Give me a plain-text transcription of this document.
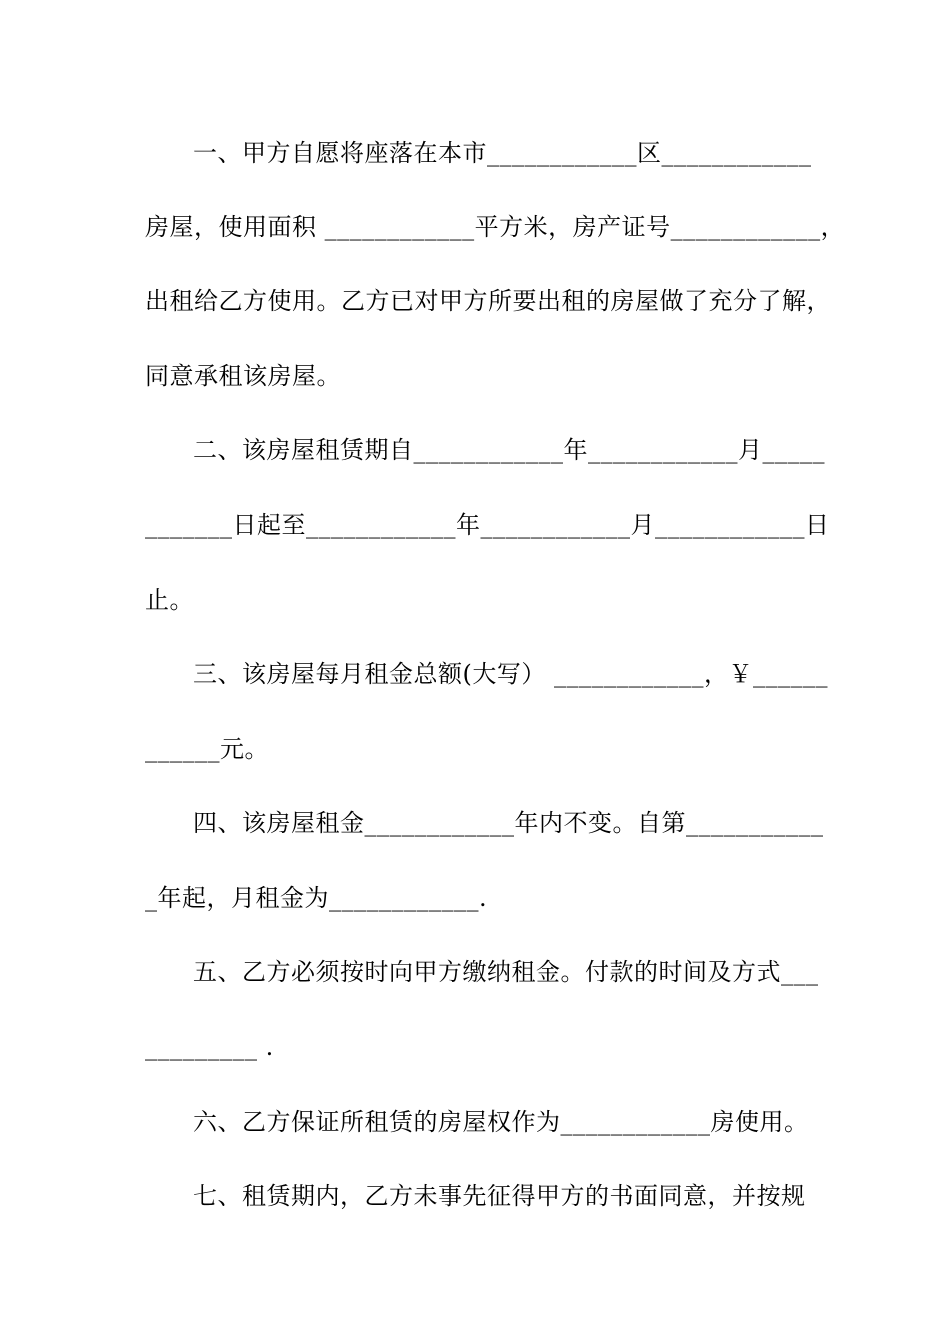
一、甲方自愿将座落在本市____________区____________
房屋，使用面积 ____________平方米，房产证号____________，
出租给乙方使用。乙方已对甲方所要出租的房屋做了充分了解，
同意承租该房屋。
二、该房屋租赁期自____________年____________月_____
_______日起至____________年____________月____________日
止。
三、该房屋每月租金总额(大写） ____________，￥______
______元。
四、该房屋租金____________年内不变。自第___________
_年起，月租金为____________.
五、乙方必须按时向甲方缴纳租金。付款的时间及方式___
_________ .
六、乙方保证所租赁的房屋权作为____________房使用。
七、租赁期内，乙方未事先征得甲方的书面同意，并按规
